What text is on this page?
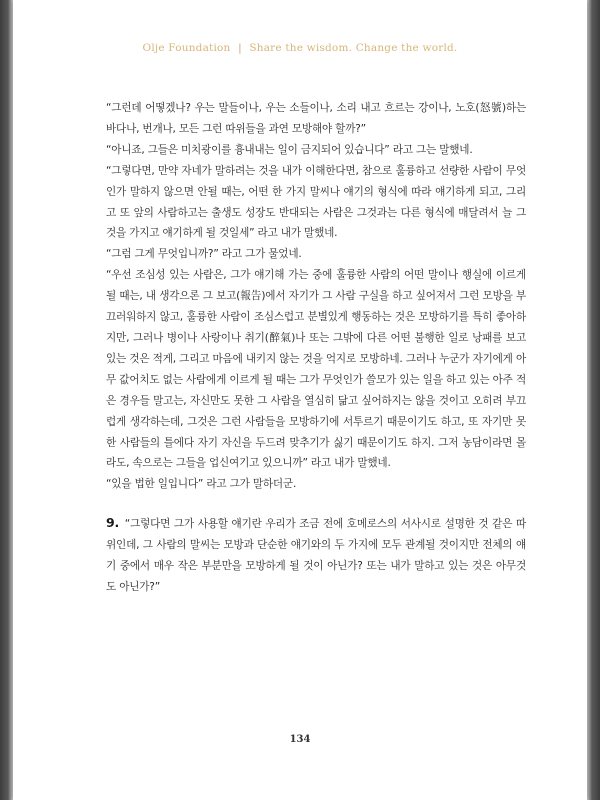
Olje Foundation | Share the wisdom. Change the world.

“그런데 어떻겠나? 우는 말들이나, 우는 소들이나, 소리 내고 흐르는 강이나, 노호(怒號)하는 바다나, 번개나, 모든 그런 따위들을 과연 모방해야 할까?”

“아니죠, 그들은 미치광이를 흉내내는 일이 금지되어 있습니다” 라고 그는 말했네.

“그렇다면, 만약 자네가 말하려는 것을 내가 이해한다면, 참으로 훌륭하고 선량한 사람이 무엇인가 말하지 않으면 안될 때는, 어떤 한 가지 말씨나 얘기의 형식에 따라 얘기하게 되고, 그리고 또 앞의 사람하고는 출생도 성장도 반대되는 사람은 그것과는 다른 형식에 매달려서 늘 그것을 가지고 얘기하게 될 것일세” 라고 내가 말했네.

“그럼 그게 무엇입니까?” 라고 그가 물었네.

“우선 조심성 있는 사람은, 그가 얘기해 가는 중에 훌륭한 사람의 어떤 말이나 행실에 이르게 될 때는, 내 생각으론 그 보고(報告)에서 자기가 그 사람 구실을 하고 싶어져서 그런 모방을 부끄러워하지 않고, 훌륭한 사람이 조심스럽고 분별있게 행동하는 것은 모방하기를 특히 좋아하지만, 그러나 병이나 사랑이나 취기(醉氣)나 또는 그밖에 다른 어떤 불행한 일로 낭패를 보고 있는 것은 적게, 그리고 마음에 내키지 않는 것을 억지로 모방하네. 그러나 누군가 자기에게 아무 값어치도 없는 사람에게 이르게 될 때는 그가 무엇인가 쓸모가 있는 일을 하고 있는 아주 적은 경우들 말고는, 자신만도 못한 그 사람을 열심히 닮고 싶어하지는 않을 것이고 오히려 부끄럽게 생각하는데, 그것은 그런 사람들을 모방하기에 서투르기 때문이기도 하고, 또 자기만 못한 사람들의 틀에다 자기 자신을 두드려 맞추기가 싫기 때문이기도 하지. 그저 농담이라면 몰라도, 속으로는 그들을 업신여기고 있으니까” 라고 내가 말했네.

“있을 법한 일입니다” 라고 그가 말하더군.

9. “그렇다면 그가 사용할 얘기란 우리가 조금 전에 호메로스의 서사시로 설명한 것 같은 따위인데, 그 사람의 말씨는 모방과 단순한 얘기와의 두 가지에 모두 관계될 것이지만 전체의 얘기 중에서 매우 작은 부분만을 모방하게 될 것이 아닌가? 또는 내가 말하고 있는 것은 아무것도 아닌가?”

134
